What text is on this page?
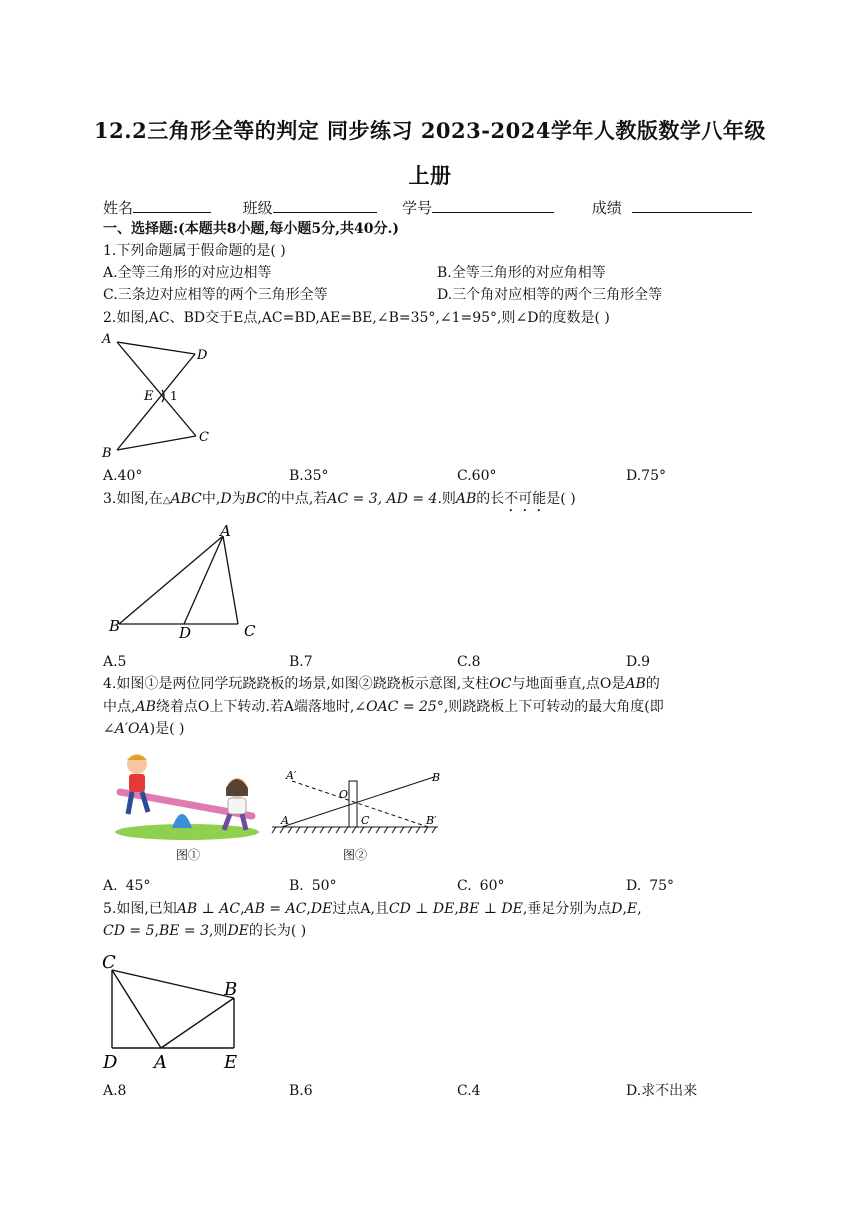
12.2三角形全等的判定 同步练习 2023-2024学年人教版数学八年级
上册
姓名	班级	学号	成绩
一、选择题:(本题共8小题,每小题5分,共40分.)
1.下列命题属于假命题的是( )
A.全等三角形的对应边相等	B.全等三角形的对应角相等
C.三条边对应相等的两个三角形全等	D.三个角对应相等的两个三角形全等
2.如图,AC、BD交于E点,AC=BD,AE=BE,∠B=35°,∠1=95°,则∠D的度数是( )
A
D
E 1
B
C
A.40°	B.35°	C.60°	D.75°
3.如图,在△ABC中,D为BC的中点,若AC = 3, AD = 4.则AB的长不可能是( )
A
B	D	C
A.5	B.7	C.8	D.9
4.如图①是两位同学玩跷跷板的场景,如图②跷跷板示意图,支柱OC与地面垂直,点O是AB的
中点,AB绕着点O上下转动.若A端落地时,∠OAC = 25°,则跷跷板上下可转动的最大角度(即
∠A′OA)是( )
图①
A′
O
B
A	C	B′
图②
A. 45°	B. 50°	C. 60°	D. 75°
5.如图,已知AB ⊥ AC,AB = AC,DE过点A,且CD ⊥ DE,BE ⊥ DE,垂足分别为点D,E,
CD = 5,BE = 3,则DE的长为( )
C
B
D A	E
A.8	B.6	C.4	D.求不出来
